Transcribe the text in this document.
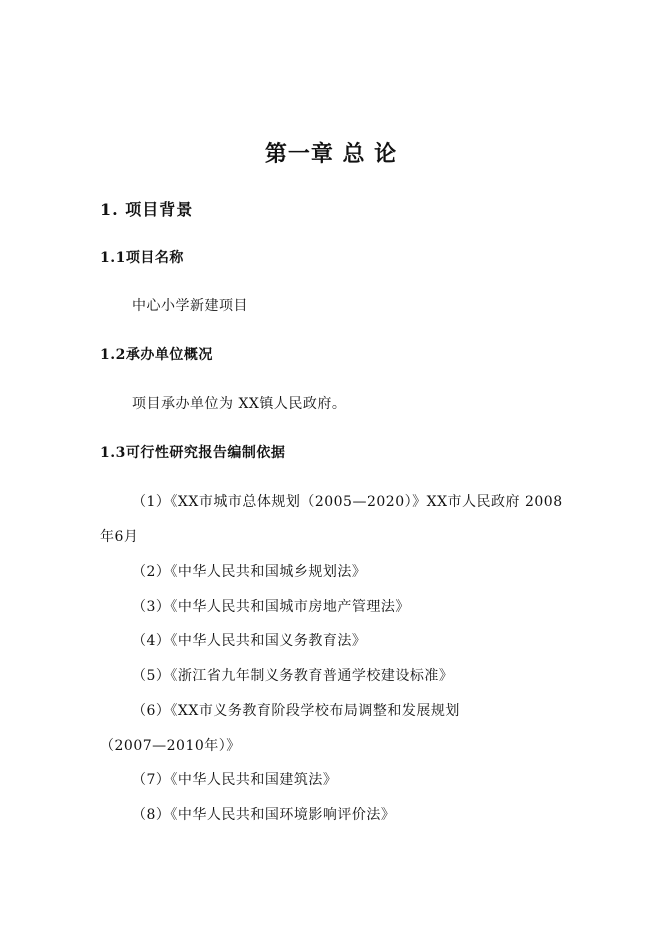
第一章 总 论
1. 项目背景
1.1项目名称
中心小学新建项目
1.2承办单位概况
项目承办单位为 XX镇人民政府。
1.3可行性研究报告编制依据
（1）《XX市城市总体规划（2005—2020）》XX市人民政府 2008
年6月
（2）《中华人民共和国城乡规划法》
（3）《中华人民共和国城市房地产管理法》
（4）《中华人民共和国义务教育法》
（5）《浙江省九年制义务教育普通学校建设标准》
（6）《XX市义务教育阶段学校布局调整和发展规划
（2007—2010年）》
（7）《中华人民共和国建筑法》
（8）《中华人民共和国环境影响评价法》
